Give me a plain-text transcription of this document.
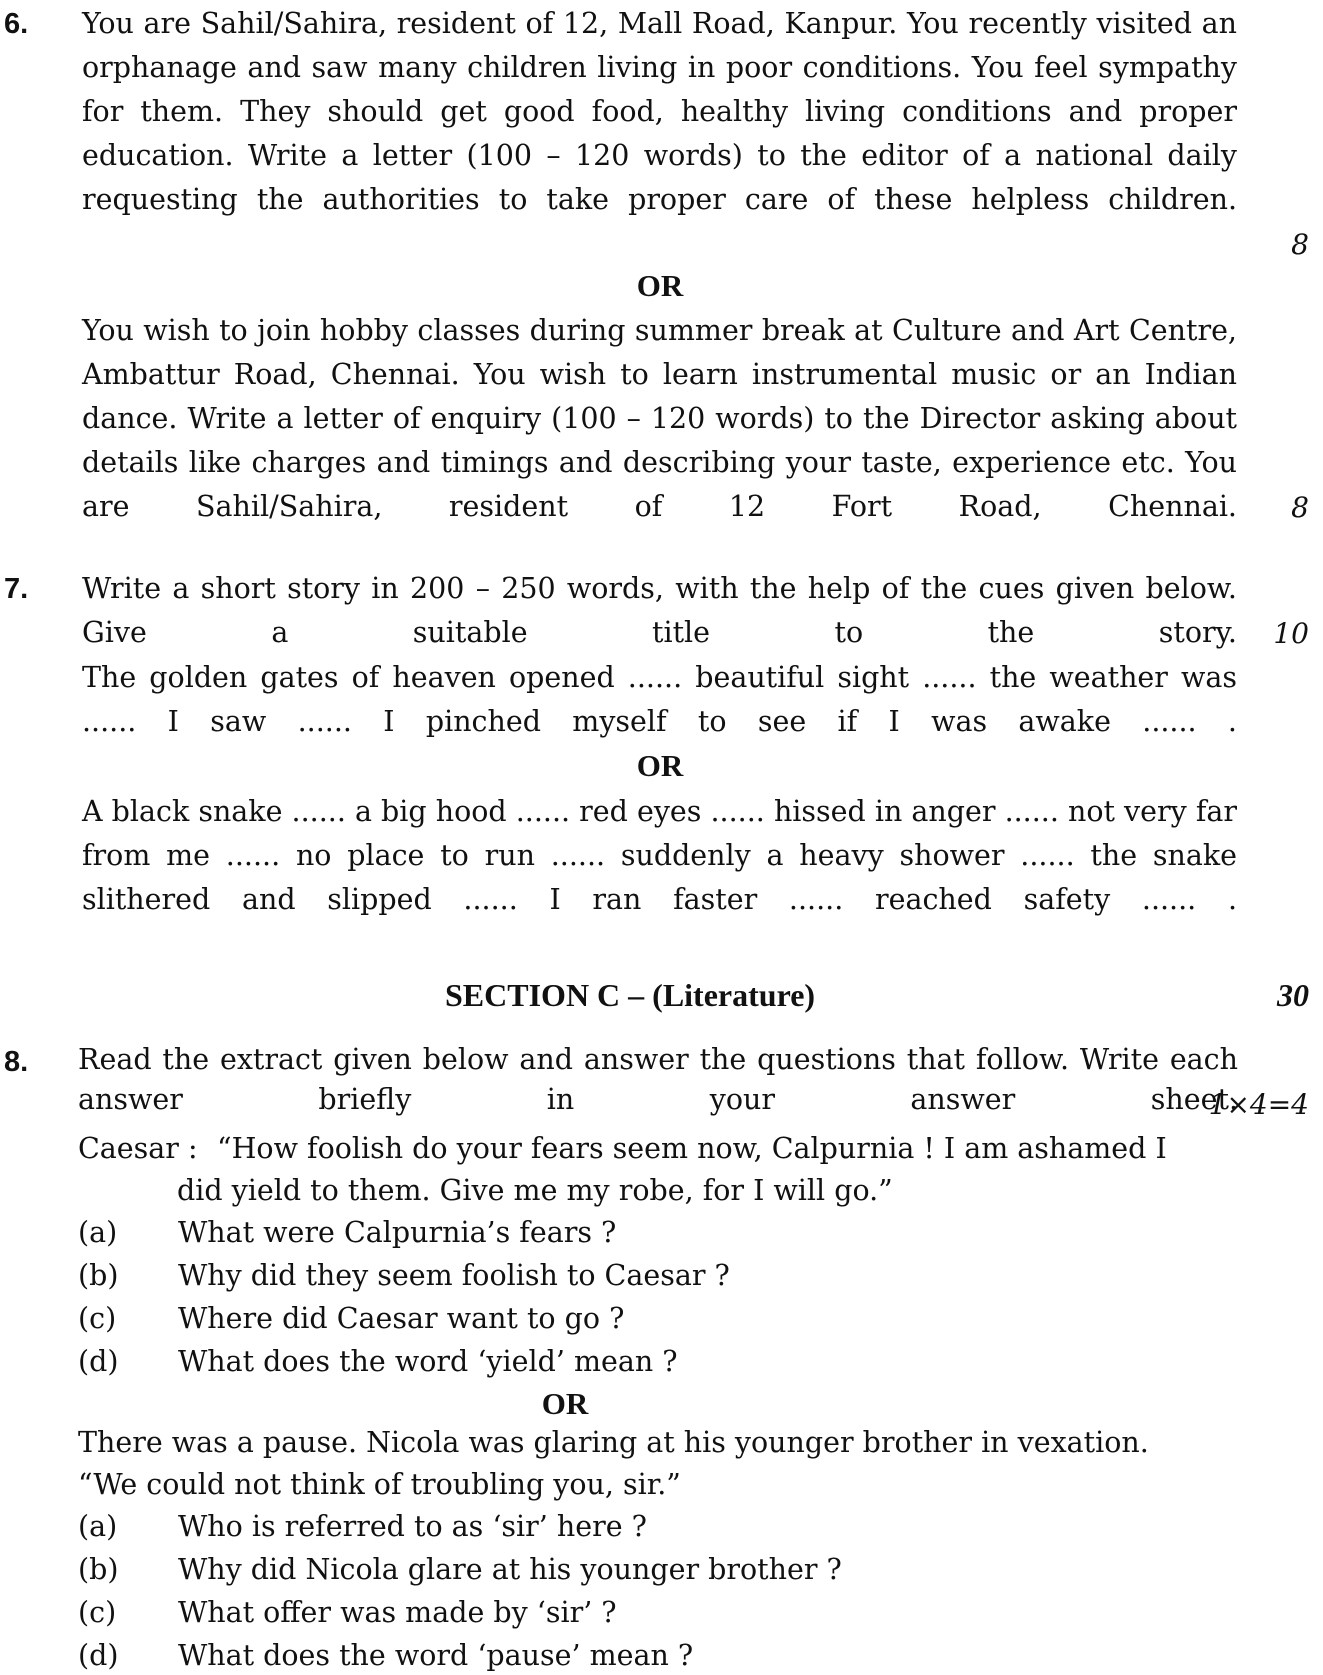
6. You are Sahil/Sahira, resident of 12, Mall Road, Kanpur. You recently visited an orphanage and saw many children living in poor conditions. You feel sympathy for them. They should get good food, healthy living conditions and proper education. Write a letter (100 – 120 words) to the editor of a national daily requesting the authorities to take proper care of these helpless children.
8
OR
You wish to join hobby classes during summer break at Culture and Art Centre, Ambattur Road, Chennai. You wish to learn instrumental music or an Indian dance. Write a letter of enquiry (100 – 120 words) to the Director asking about details like charges and timings and describing your taste, experience etc. You are Sahil/Sahira, resident of 12 Fort Road, Chennai. 8
7. Write a short story in 200 – 250 words, with the help of the cues given below. Give a suitable title to the story. 10
The golden gates of heaven opened ...... beautiful sight ...... the weather was ...... I saw ...... I pinched myself to see if I was awake ...... .
OR
A black snake ...... a big hood ...... red eyes ...... hissed in anger ...... not very far from me ...... no place to run ...... suddenly a heavy shower ...... the snake slithered and slipped ...... I ran faster ...... reached safety ...... .
SECTION C – (Literature)	30
8. Read the extract given below and answer the questions that follow. Write each answer briefly in your answer sheet.
1×4=4
Caesar : “How foolish do your fears seem now, Calpurnia ! I am ashamed I
did yield to them. Give me my robe, for I will go.”
(a) What were Calpurnia’s fears ?
(b) Why did they seem foolish to Caesar ?
(c) Where did Caesar want to go ?
(d) What does the word ‘yield’ mean ?
OR
There was a pause. Nicola was glaring at his younger brother in vexation.
“We could not think of troubling you, sir.”
(a) Who is referred to as ‘sir’ here ?
(b) Why did Nicola glare at his younger brother ?
(c) What offer was made by ‘sir’ ?
(d) What does the word ‘pause’ mean ?
